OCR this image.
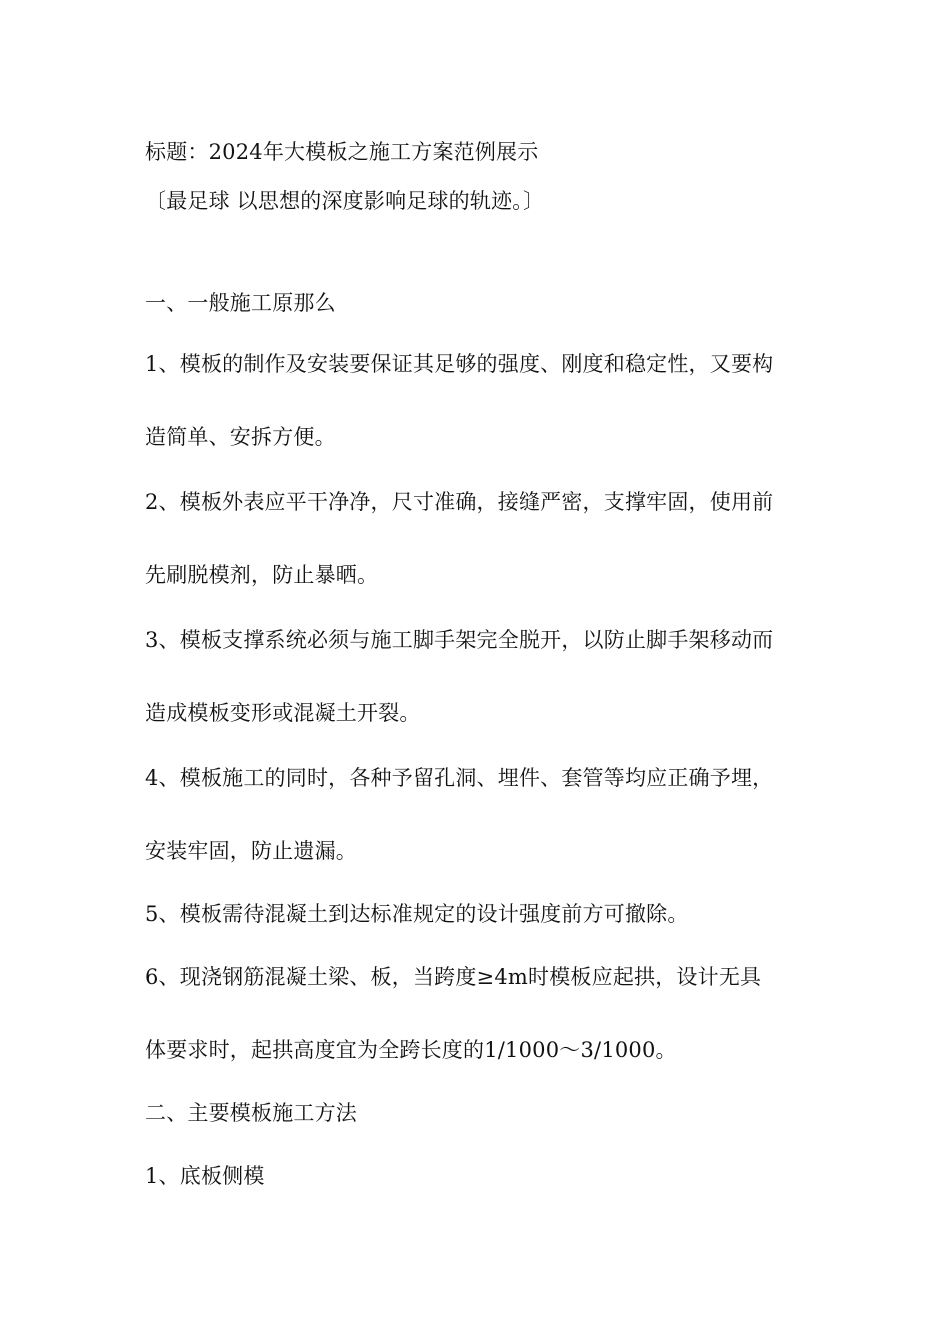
标题：2024年大模板之施工方案范例展示
〔最足球 以思想的深度影响足球的轨迹。〕
一、一般施工原那么
1、模板的制作及安装要保证其足够的强度、刚度和稳定性，又要构
造简单、安拆方便。
2、模板外表应平干净净，尺寸准确，接缝严密，支撑牢固，使用前
先刷脱模剂，防止暴晒。
3、模板支撑系统必须与施工脚手架完全脱开，以防止脚手架移动而
造成模板变形或混凝土开裂。
4、模板施工的同时，各种予留孔洞、埋件、套管等均应正确予埋，
安装牢固，防止遗漏。
5、模板需待混凝土到达标准规定的设计强度前方可撤除。
6、现浇钢筋混凝土梁、板，当跨度≥4m时模板应起拱，设计无具
体要求时，起拱高度宜为全跨长度的1/1000～3/1000。
二、主要模板施工方法
1、底板侧模
